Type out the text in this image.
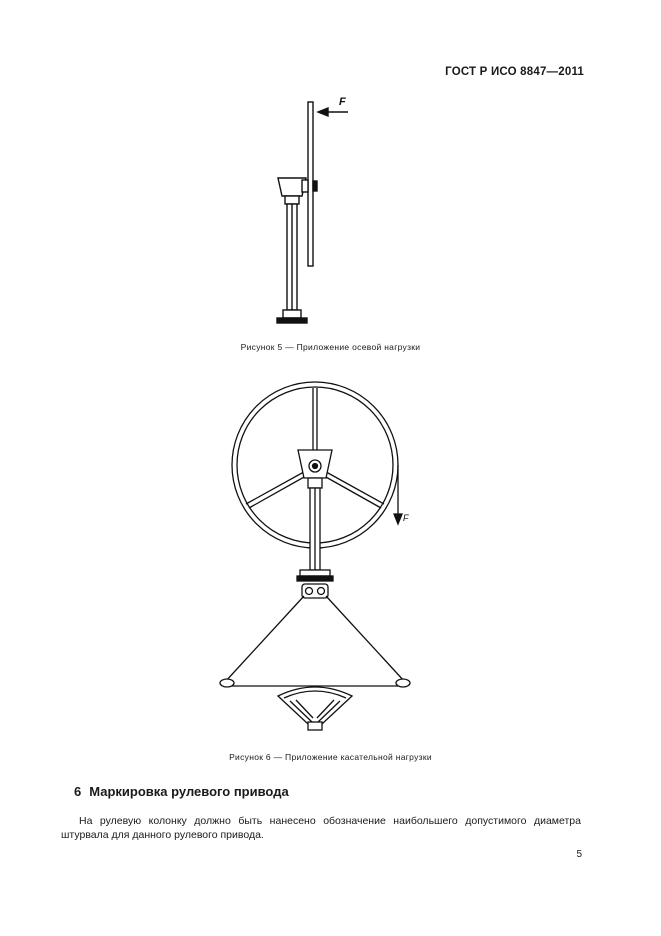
ГОСТ Р ИСО 8847—2011
F
Рисунок 5 — Приложение осевой нагрузки
F
Рисунок 6 — Приложение касательной нагрузки
6 Маркировка рулевого привода
На рулевую колонку должно быть нанесено обозначение наибольшего допустимого диаметра штурвала для данного рулевого привода.
5
